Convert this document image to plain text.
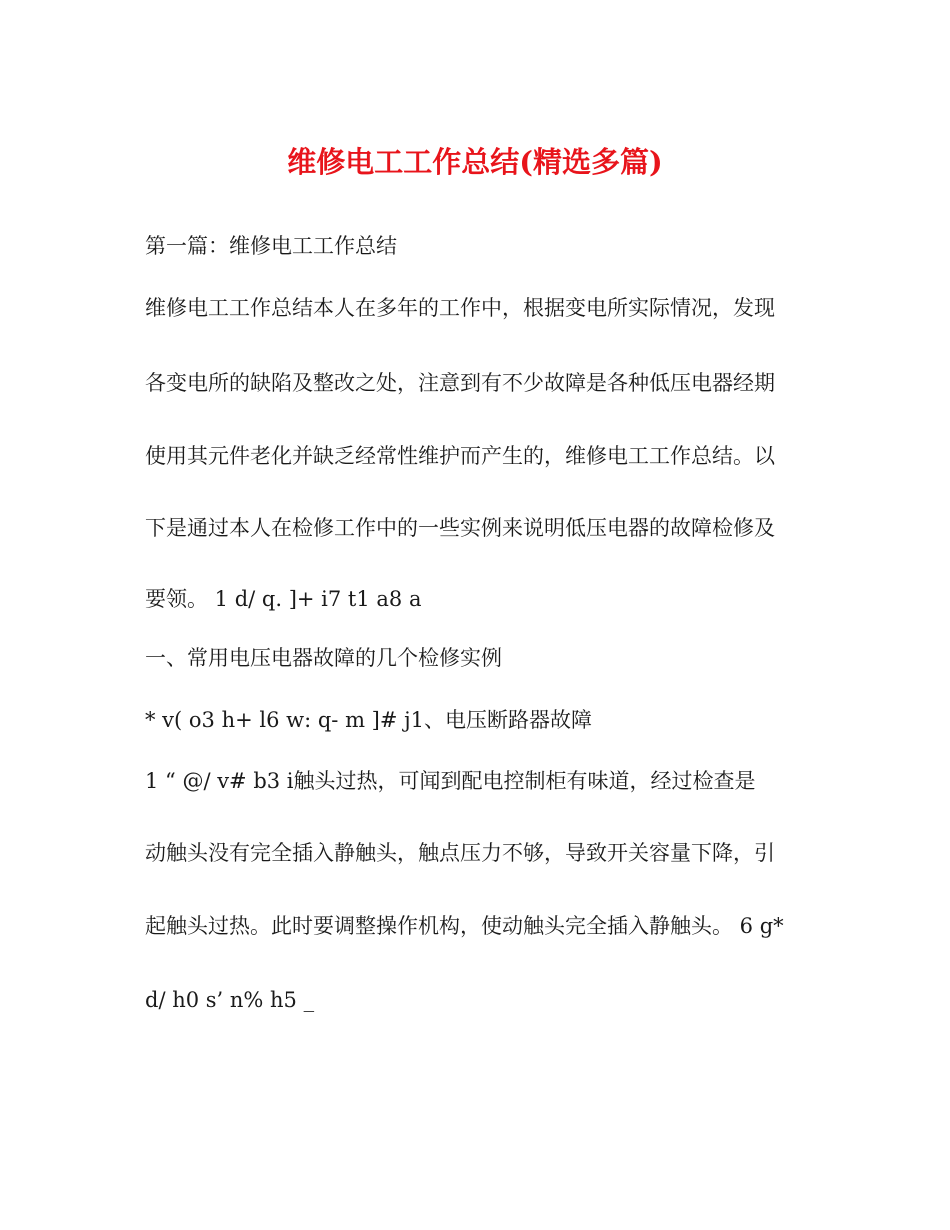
维修电工工作总结(精选多篇)
第一篇：维修电工工作总结
维修电工工作总结本人在多年的工作中，根据变电所实际情况，发现
各变电所的缺陷及整改之处，注意到有不少故障是各种低压电器经期
使用其元件老化并缺乏经常性维护而产生的，维修电工工作总结。以
下是通过本人在检修工作中的一些实例来说明低压电器的故障检修及
要领。 1 d/ q. ]+ i7 t1 a8 a
一、常用电压电器故障的几个检修实例
* v( o3 h+ l6 w: q- m ]# j1、电压断路器故障
1 “ @/ v# b3 i触头过热，可闻到配电控制柜有味道，经过检查是
动触头没有完全插入静触头，触点压力不够，导致开关容量下降，引
起触头过热。此时要调整操作机构，使动触头完全插入静触头。 6 g*
d/ h0 s’ n% h5 _
